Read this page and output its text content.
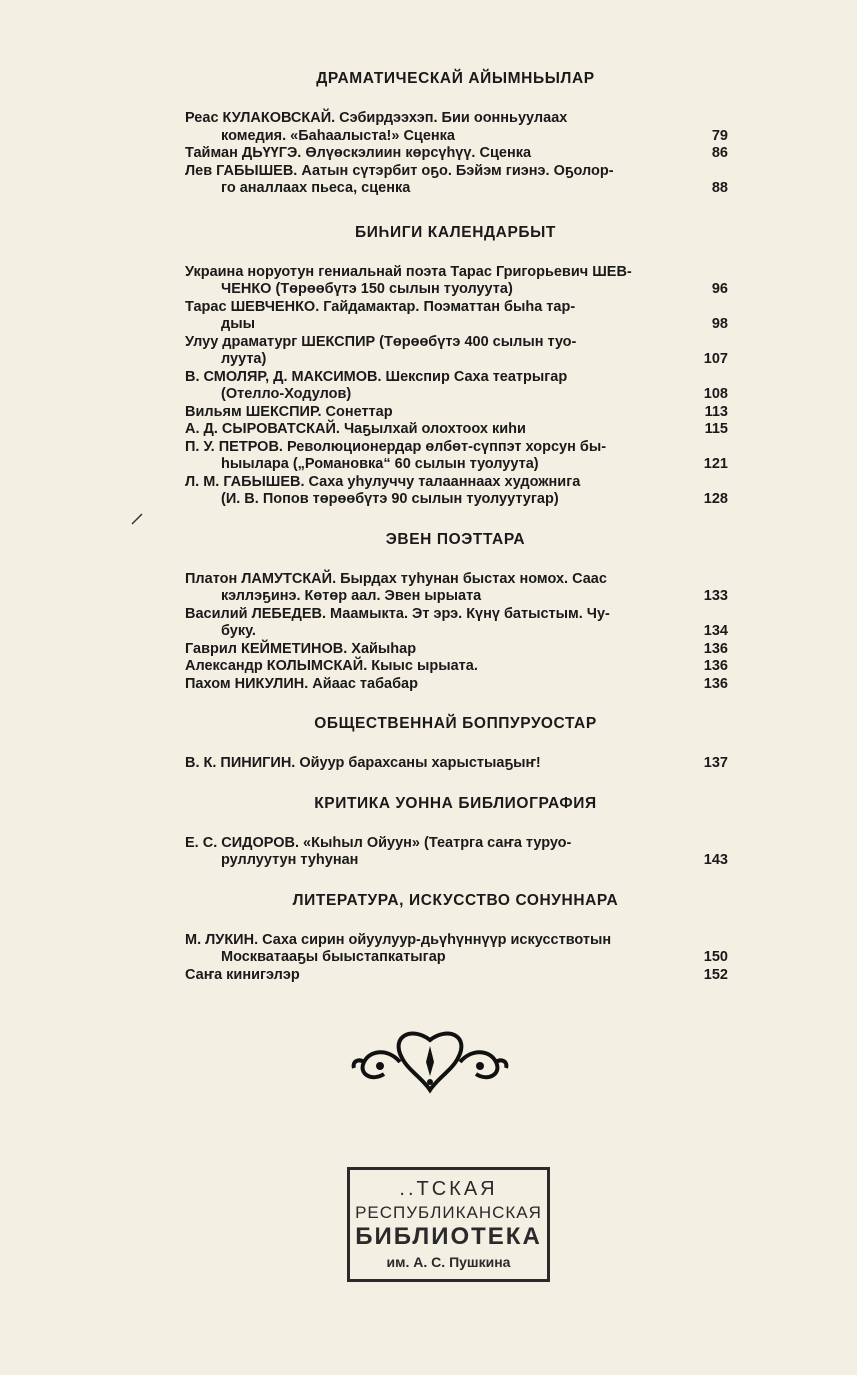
ДРАМАТИЧЕСКАЙ АЙЫМНЬЫЛАР
Реас КУЛАКОВСКАЙ. Сэбирдээхэп. Бии оонньуулаах
комедия. «Баһаалыста!» Сценка	79
Тайман ДЬҮҮГЭ. Өлүөскэлиин көрсүһүү. Сценка	86
Лев ГАБЫШЕВ. Аатын сүтэрбит оҕо. Бэйэм гиэнэ. Оҕолор-
го аналлаах пьеса, сценка	88
БИҺИГИ КАЛЕНДАРБЫТ
Украина норуотун гениальнай поэта Тарас Григорьевич ШЕВ-
ЧЕНКО (Төрөөбүтэ 150 сылын туолуута)	96
Тарас ШЕВЧЕНКО. Гайдамактар. Поэматтан быһа тар-
дыы	98
Улуу драматург ШЕКСПИР (Төрөөбүтэ 400 сылын туо-
луута)	107
В. СМОЛЯР, Д. МАКСИМОВ. Шекспир Саха театрыгар
(Отелло-Ходулов)	108
Вильям ШЕКСПИР. Сонеттар	113
А. Д. СЫРОВАТСКАЙ. Чаҕылхай олохтоох киһи	115
П. У. ПЕТРОВ. Революционердар өлбөт-сүппэт хорсун бы-
һыылара („Романовка“ 60 сылын туолуута)	121
Л. М. ГАБЫШЕВ. Саха уһулуччу талааннаах художнига
(И. В. Попов төрөөбүтэ 90 сылын туолуутугар)	128
ЭВЕН ПОЭТТАРА
Платон ЛАМУТСКАЙ. Бырдах туһунан быстах номох. Саас
кэллэҕинэ. Көтөр аал. Эвен ырыата	133
Василий ЛЕБЕДЕВ. Маамыкта. Эт эрэ. Күнү батыстым. Чу-
буку.	134
Гаврил КЕЙМЕТИНОВ. Хайыһар	136
Александр КОЛЫМСКАЙ. Кыыс ырыата.	136
Пахом НИКУЛИН. Айаас табабар	136
ОБЩЕСТВЕННАЙ БОППУРУОСТАР
В. К. ПИНИГИН. Ойуур барахсаны харыстыаҕыҥ!	137
КРИТИКА УОННА БИБЛИОГРАФИЯ
Е. С. СИДОРОВ. «Кыһыл Ойуун» (Театрга саҥа туруо-
руллуутун туһунан	143
ЛИТЕРАТУРА, ИСКУССТВО СОНУННАРА
М. ЛУКИН. Саха сирин ойуулуур-дьүһүннүүр искусствотын
Москватааҕы быыстапкатыгар	150
Саҥа кинигэлэр	152
..ТСКАЯ
РЕСПУБЛИКАНСКАЯ
БИБЛИОТЕКА
им. А. С. Пушкина
